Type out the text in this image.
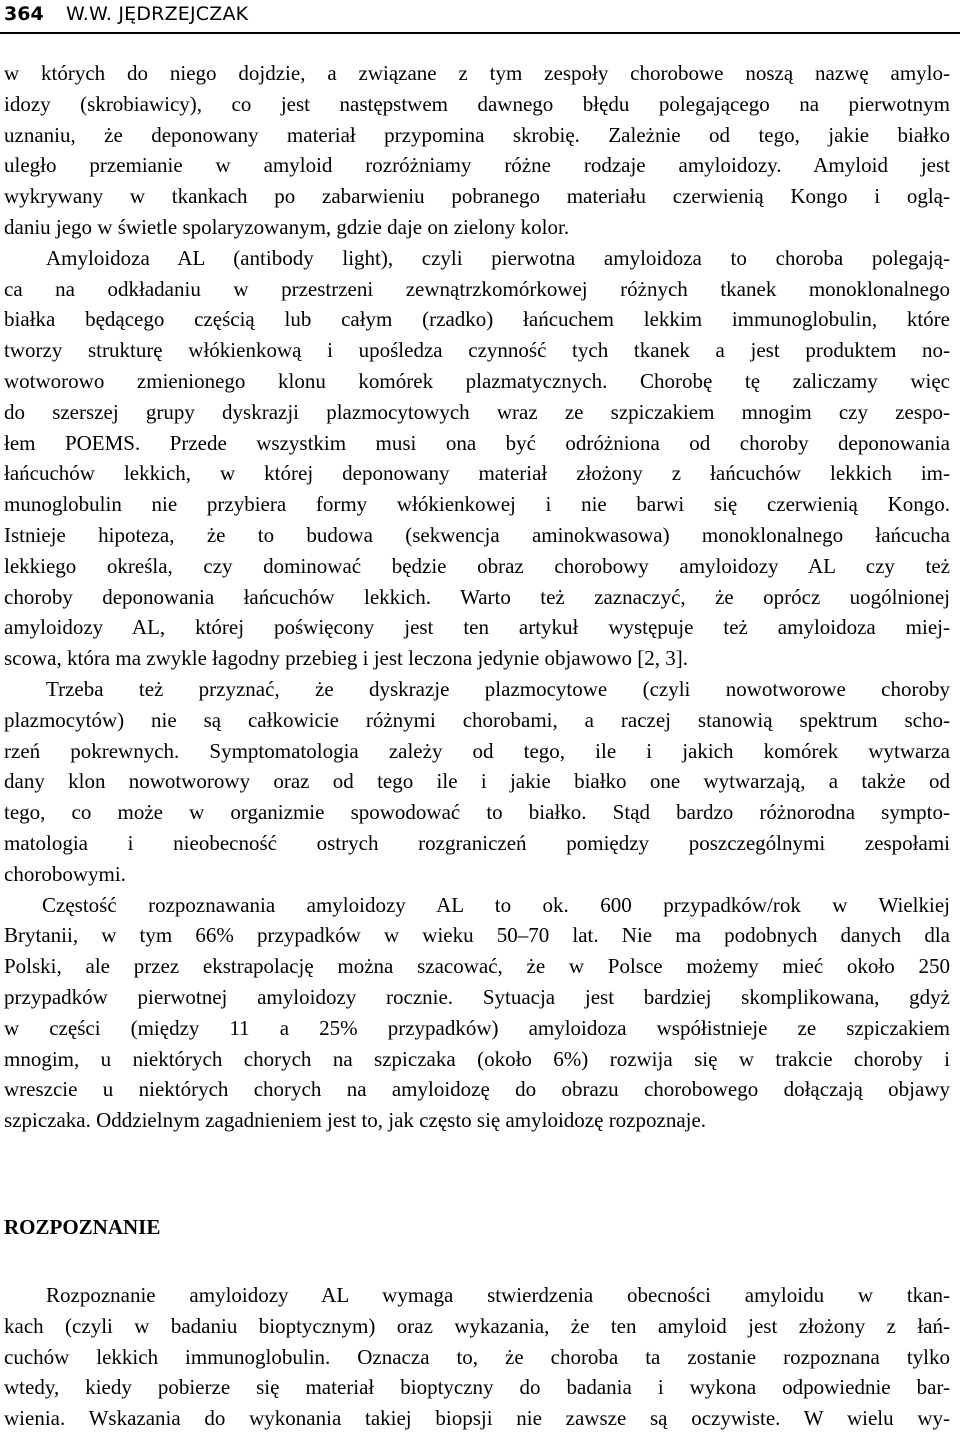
364 W.W. JĘDRZEJCZAK
w których do niego dojdzie, a związane z tym zespoły chorobowe noszą nazwę amylo-
idozy (skrobiawicy), co jest następstwem dawnego błędu polegającego na pierwotnym
uznaniu, że deponowany materiał przypomina skrobię. Zależnie od tego, jakie białko
uległo przemianie w amyloid rozróżniamy różne rodzaje amyloidozy. Amyloid jest
wykrywany w tkankach po zabarwieniu pobranego materiału czerwienią Kongo i oglą-
daniu jego w świetle spolaryzowanym, gdzie daje on zielony kolor.
Amyloidoza AL (antibody light), czyli pierwotna amyloidoza to choroba polegają-
ca na odkładaniu w przestrzeni zewnątrzkomórkowej różnych tkanek monoklonalnego
białka będącego częścią lub całym (rzadko) łańcuchem lekkim immunoglobulin, które
tworzy strukturę włókienkową i upośledza czynność tych tkanek a jest produktem no-
wotworowo zmienionego klonu komórek plazmatycznych. Chorobę tę zaliczamy więc
do szerszej grupy dyskrazji plazmocytowych wraz ze szpiczakiem mnogim czy zespo-
łem POEMS. Przede wszystkim musi ona być odróżniona od choroby deponowania
łańcuchów lekkich, w której deponowany materiał złożony z łańcuchów lekkich im-
munoglobulin nie przybiera formy włókienkowej i nie barwi się czerwienią Kongo.
Istnieje hipoteza, że to budowa (sekwencja aminokwasowa) monoklonalnego łańcucha
lekkiego określa, czy dominować będzie obraz chorobowy amyloidozy AL czy też
choroby deponowania łańcuchów lekkich. Warto też zaznaczyć, że oprócz uogólnionej
amyloidozy AL, której poświęcony jest ten artykuł występuje też amyloidoza miej-
scowa, która ma zwykle łagodny przebieg i jest leczona jedynie objawowo [2, 3].
Trzeba też przyznać, że dyskrazje plazmocytowe (czyli nowotworowe choroby
plazmocytów) nie są całkowicie różnymi chorobami, a raczej stanowią spektrum scho-
rzeń pokrewnych. Symptomatologia zależy od tego, ile i jakich komórek wytwarza
dany klon nowotworowy oraz od tego ile i jakie białko one wytwarzają, a także od
tego, co może w organizmie spowodować to białko. Stąd bardzo różnorodna sympto-
matologia i nieobecność ostrych rozgraniczeń pomiędzy poszczególnymi zespołami
chorobowymi.
Częstość rozpoznawania amyloidozy AL to ok. 600 przypadków/rok w Wielkiej
Brytanii, w tym 66% przypadków w wieku 50–70 lat. Nie ma podobnych danych dla
Polski, ale przez ekstrapolację można szacować, że w Polsce możemy mieć około 250
przypadków pierwotnej amyloidozy rocznie. Sytuacja jest bardziej skomplikowana, gdyż
w części (między 11 a 25% przypadków) amyloidoza współistnieje ze szpiczakiem
mnogim, u niektórych chorych na szpiczaka (około 6%) rozwija się w trakcie choroby i
wreszcie u niektórych chorych na amyloidozę do obrazu chorobowego dołączają objawy
szpiczaka. Oddzielnym zagadnieniem jest to, jak często się amyloidozę rozpoznaje.
ROZPOZNANIE
Rozpoznanie amyloidozy AL wymaga stwierdzenia obecności amyloidu w tkan-
kach (czyli w badaniu bioptycznym) oraz wykazania, że ten amyloid jest złożony z łań-
cuchów lekkich immunoglobulin. Oznacza to, że choroba ta zostanie rozpoznana tylko
wtedy, kiedy pobierze się materiał bioptyczny do badania i wykona odpowiednie bar-
wienia. Wskazania do wykonania takiej biopsji nie zawsze są oczywiste. W wielu wy-
